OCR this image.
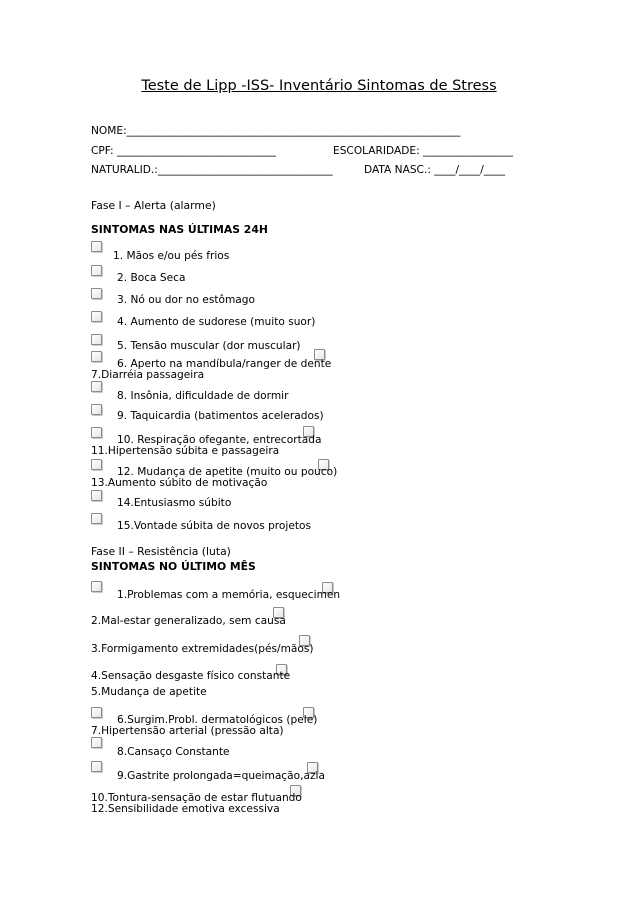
Teste de Lipp -ISS- Inventário Sintomas de Stress
NOME:_______________________________________________________________
CPF: ______________________________	ESCOLARIDADE: _________________
NATURALID.:_________________________________	DATA NASC.: ____/____/____
Fase I – Alerta (alarme)
SINTOMAS NAS ÚLTIMAS 24H
1. Mãos e/ou pés frios
2. Boca Seca
3. Nó ou dor no estômago
4. Aumento de sudorese (muito suor)
5. Tensão muscular (dor muscular)
6. Aperto na mandíbula/ranger de dente
7.Diarréia passageira
8. Insônia, dificuldade de dormir
9. Taquicardia (batimentos acelerados)
10. Respiração ofegante, entrecortada
11.Hipertensão súbita e passageira
12. Mudança de apetite (muito ou pouco)
13.Aumento súbito de motivação
14.Entusiasmo súbito
15.Vontade súbita de novos projetos
Fase II – Resistência (luta)
SINTOMAS NO ÚLTIMO MÊS
1.Problemas com a memória, esquecimen
2.Mal-estar generalizado, sem causa
3.Formigamento extremidades(pés/mãos)
4.Sensação desgaste físico constante
5.Mudança de apetite
6.Surgim.Probl. dermatológicos (pele)
7.Hipertensão arterial (pressão alta)
8.Cansaço Constante
9.Gastrite prolongada=queimação,azia
10.Tontura-sensação de estar flutuando
12.Sensibilidade emotiva excessiva
